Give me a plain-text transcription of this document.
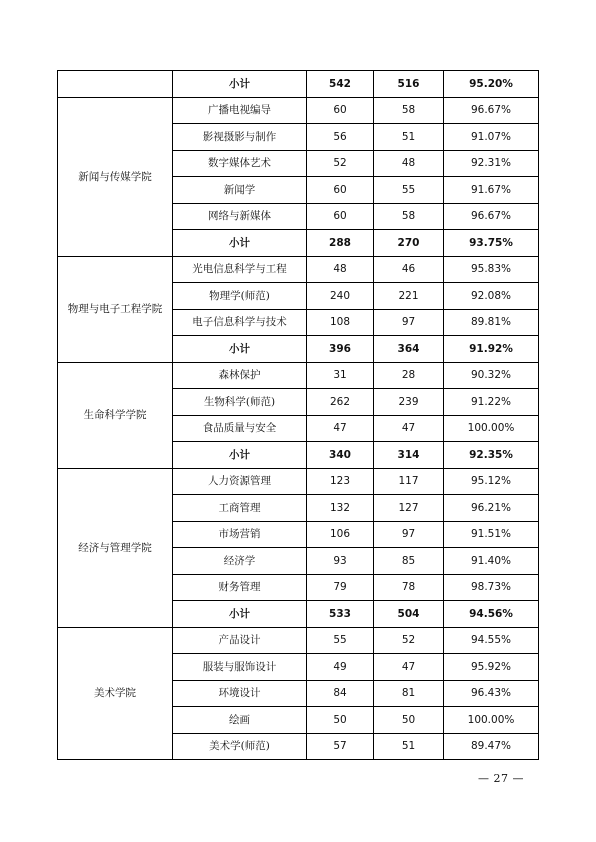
	小计	542	516	95.20%
新闻与传媒学院	广播电视编导	60	58	96.67%
	影视摄影与制作	56	51	91.07%
	数字媒体艺术	52	48	92.31%
	新闻学	60	55	91.67%
	网络与新媒体	60	58	96.67%
	小计	288	270	93.75%
物理与电子工程学院	光电信息科学与工程	48	46	95.83%
	物理学(师范)	240	221	92.08%
	电子信息科学与技术	108	97	89.81%
	小计	396	364	91.92%
生命科学学院	森林保护	31	28	90.32%
	生物科学(师范)	262	239	91.22%
	食品质量与安全	47	47	100.00%
	小计	340	314	92.35%
经济与管理学院	人力资源管理	123	117	95.12%
	工商管理	132	127	96.21%
	市场营销	106	97	91.51%
	经济学	93	85	91.40%
	财务管理	79	78	98.73%
	小计	533	504	94.56%
美术学院	产品设计	55	52	94.55%
	服装与服饰设计	49	47	95.92%
	环境设计	84	81	96.43%
	绘画	50	50	100.00%
	美术学(师范)	57	51	89.47%
— 27 —
